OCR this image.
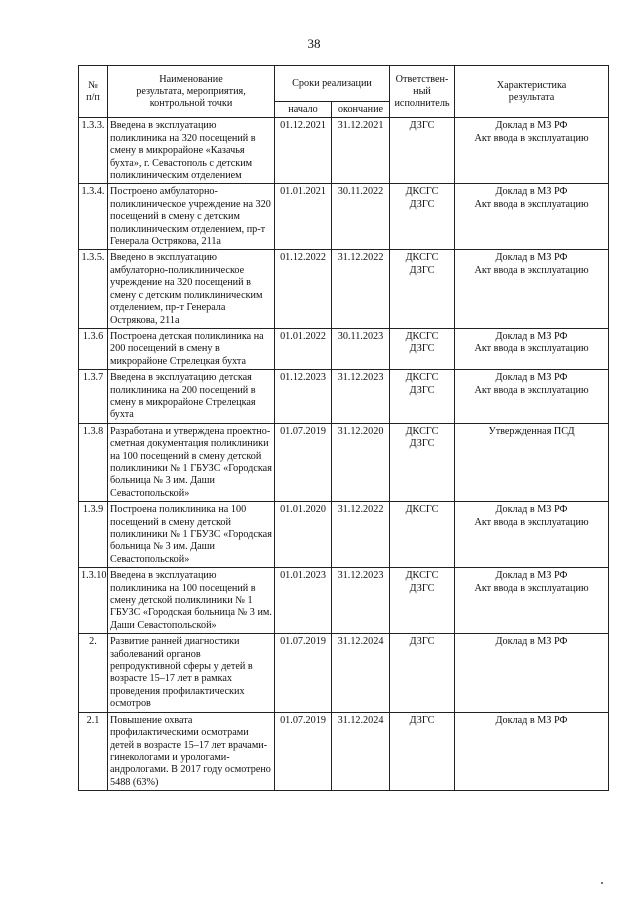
38
№
п/п	Наименование
результата, мероприятия,
контрольной точки	Сроки реализации		Ответствен-
ный
исполнитель	Характеристика
результата
		начало	окончание		
1.3.3.	Введена в эксплуатацию поликлиника на 320 посещений в смену в микрорайоне «Казачья бухта», г. Севастополь с детским поликлиническим отделением	01.12.2021	31.12.2021	ДЗГС	Доклад в МЗ РФ
Акт ввода в эксплуатацию
1.3.4.	Построено амбулаторно-поликлиническое учреждение на 320 посещений в смену с детским поликлиническим отделением, пр-т Генерала Острякова, 211а	01.01.2021	30.11.2022	ДКСГС
ДЗГС	Доклад в МЗ РФ
Акт ввода в эксплуатацию
1.3.5.	Введено в эксплуатацию амбулаторно-поликлиническое учреждение на 320 посещений в смену с детским поликлиническим отделением, пр-т Генерала Острякова, 211а	01.12.2022	31.12.2022	ДКСГС
ДЗГС	Доклад в МЗ РФ
Акт ввода в эксплуатацию
1.3.6	Построена детская поликлиника на 200 посещений в смену в микрорайоне Стрелецкая бухта	01.01.2022	30.11.2023	ДКСГС
ДЗГС	Доклад в МЗ РФ
Акт ввода в эксплуатацию
1.3.7	Введена в эксплуатацию детская поликлиника на 200 посещений в смену в микрорайоне Стрелецкая бухта	01.12.2023	31.12.2023	ДКСГС
ДЗГС	Доклад в МЗ РФ
Акт ввода в эксплуатацию
1.3.8	Разработана и утверждена проектно-сметная документация поликлиники на 100 посещений в смену детской поликлиники № 1 ГБУЗС «Городская больница № 3 им. Даши Севастопольской»	01.07.2019	31.12.2020	ДКСГС
ДЗГС	Утвержденная ПСД
1.3.9	Построена поликлиника на 100 посещений в смену детской поликлиники № 1 ГБУЗС «Городская больница № 3 им. Даши Севастопольской»	01.01.2020	31.12.2022	ДКСГС	Доклад в МЗ РФ
Акт ввода в эксплуатацию
1.3.10	Введена в эксплуатацию поликлиника на 100 посещений в смену детской поликлиники № 1 ГБУЗС «Городская больница № 3 им. Даши Севастопольской»	01.01.2023	31.12.2023	ДКСГС
ДЗГС	Доклад в МЗ РФ
Акт ввода в эксплуатацию
2.	Развитие ранней диагностики заболеваний органов репродуктивной сферы у детей в возрасте 15–17 лет в рамках проведения профилактических осмотров	01.07.2019	31.12.2024	ДЗГС	Доклад в МЗ РФ
2.1	Повышение охвата профилактическими осмотрами детей в возрасте 15–17 лет врачами-гинекологами и урологами-андрологами. В 2017 году осмотрено 5488 (63%)	01.07.2019	31.12.2024	ДЗГС	Доклад в МЗ РФ
